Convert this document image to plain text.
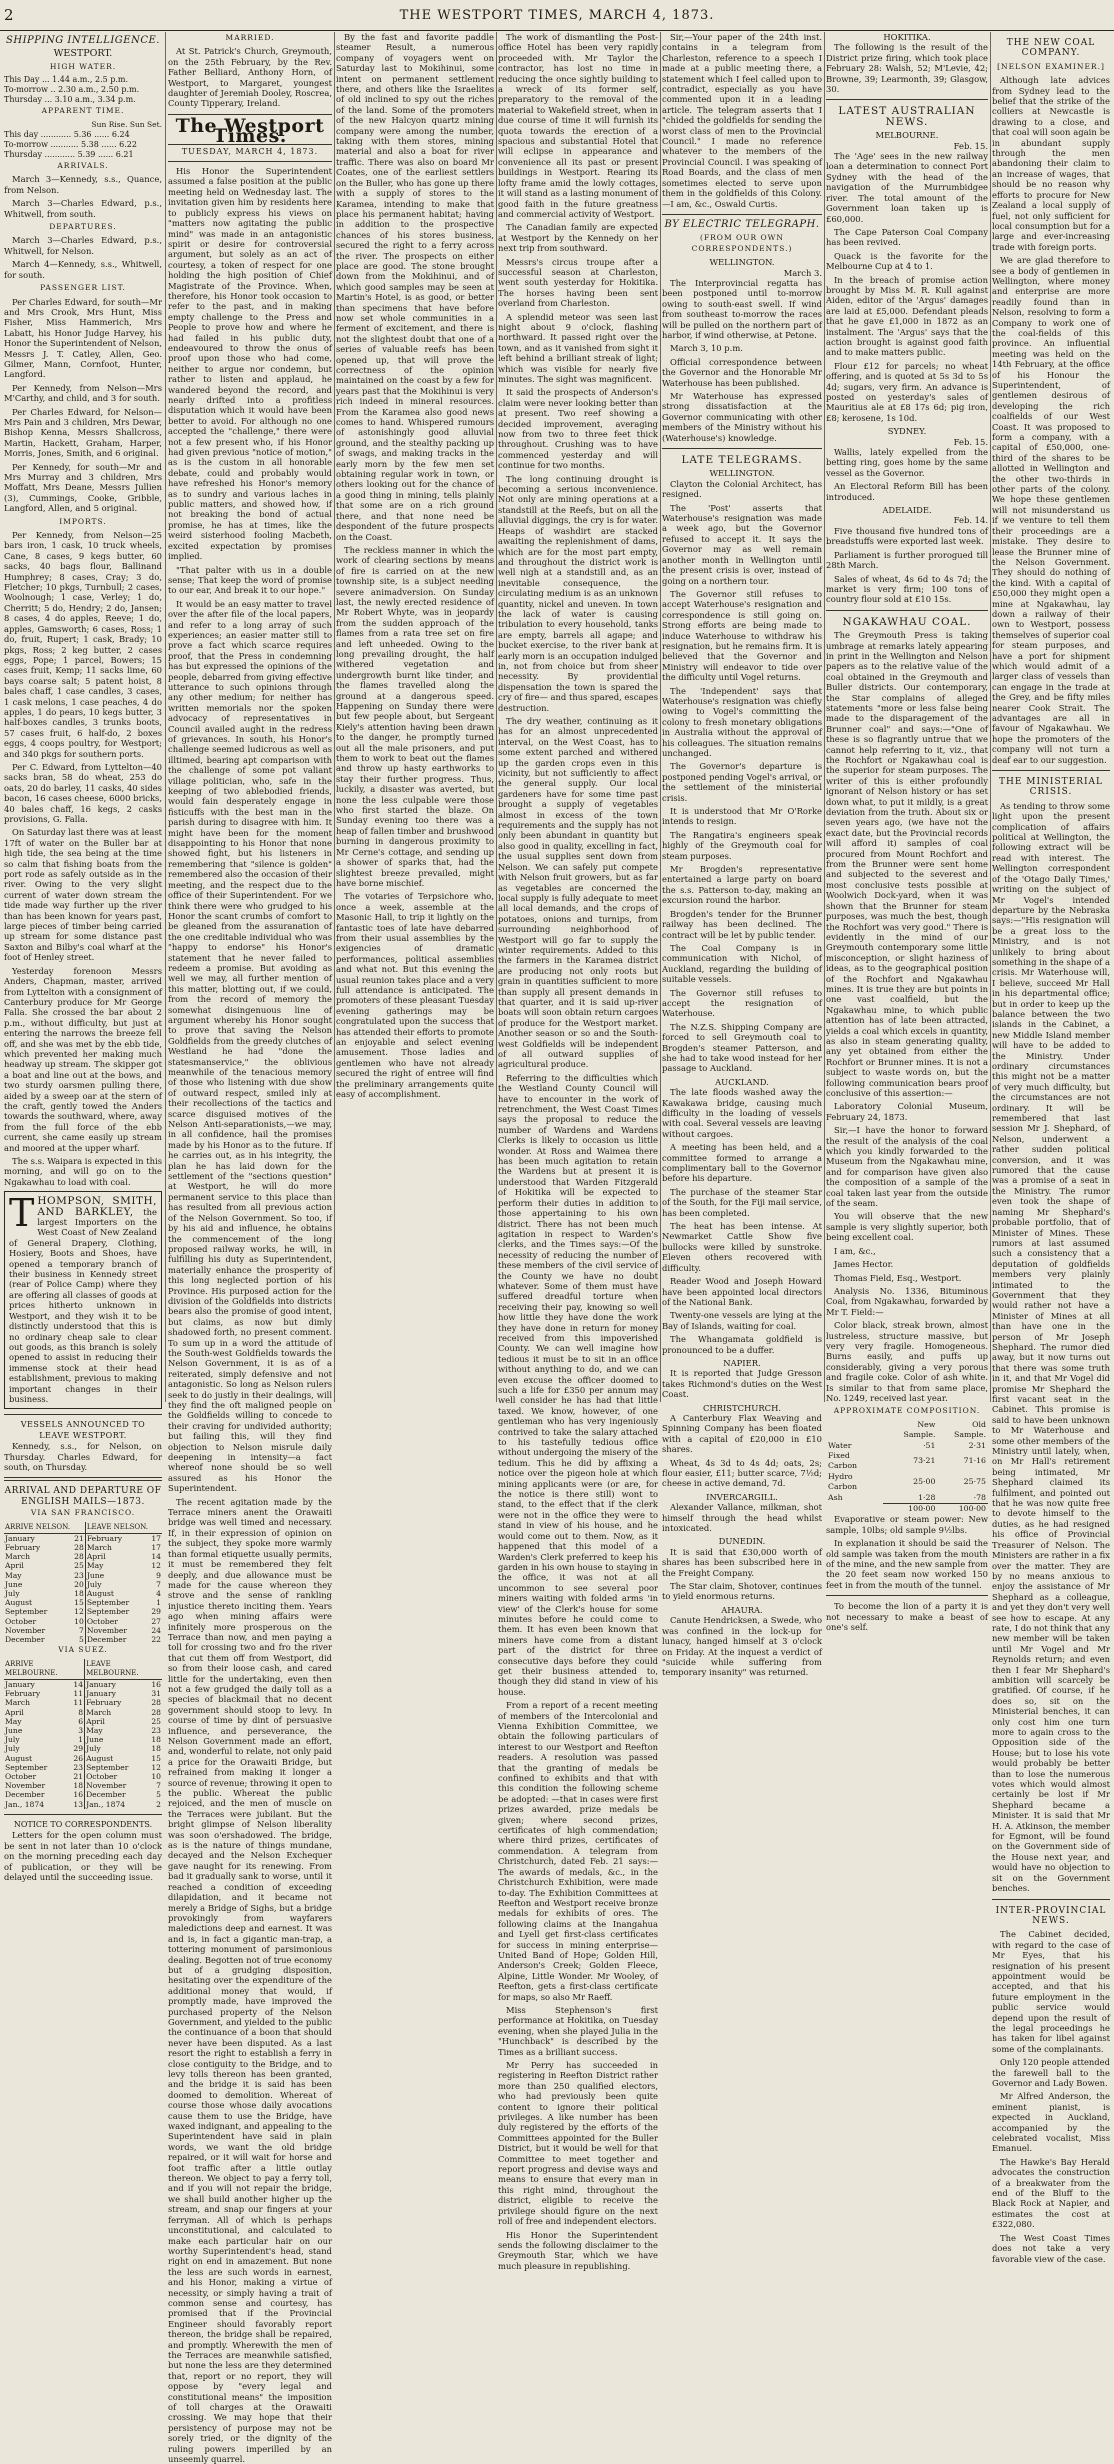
2	THE WESTPORT TIMES, MARCH 4, 1873.
SHIPPING INTELLIGENCE.
WESTPORT.
HIGH WATER.
This Day ... 1.44 a.m., 2.5 p.m.
To-morrow .. 2.30 a.m., 2.50 p.m.
Thursday ... 3.10 a.m., 3.34 p.m.
APPARENT TIME.
Sun Rise. Sun Set.
This day ............ 5.36 ...... 6.24
To-morrow ........... 5.38 ...... 6.22
Thursday ............ 5.39 ...... 6.21
ARRIVALS.

March 3—Kennedy, s.s., Quance, from Nelson.

March 3—Charles Edward, p.s., Whitwell, from south.

DEPARTURES.

March 3—Charles Edward, p.s., Whitwell, for Nelson.

March 4—Kennedy, s.s., Whitwell, for south.

PASSENGER LIST.

Per Charles Edward, for south—Mr and Mrs Crook, Mrs Hunt, Miss Fisher, Miss Hammerich, Mrs Labatt, his Honor Judge Harvey, his Honor the Superintendent of Nelson, Messrs J. T. Catley, Allen, Geo. Gilmer, Mann, Cornfoot, Hunter, Langford.

Per Kennedy, from Nelson—Mrs M'Carthy, and child, and 3 for south.

Per Charles Edward, for Nelson—Mrs Pain and 3 children, Mrs Dewar, Bishop Kenna, Messrs Shallcross, Martin, Hackett, Graham, Harper, Morris, Jones, Smith, and 6 original.

Per Kennedy, for south—Mr and Mrs Murray and 3 children, Mrs Moffatt, Mrs Deane, Messrs Jullien (3), Cummings, Cooke, Gribble, Langford, Allen, and 5 original.

IMPORTS.

Per Kennedy, from Nelson—25 bars iron, 1 cask, 10 truck wheels, Cane, 8 cases, 9 kegs butter, 60 sacks, 40 bags flour, Ballinand Humphrey; 8 cases, Cray; 3 do, Fletcher; 10 pkgs, Turnbull; 2 cases, Woolnough; 1 case, Verley; 1 do, Cherritt; 5 do, Hendry; 2 do, Jansen; 8 cases, 4 do apples, Reeve; 1 do, apples, Gamsworth; 6 cases, Ross; 1 do, fruit, Rupert; 1 cask, Brady; 10 pkgs, Ross; 2 keg butter, 2 cases eggs, Pope; 1 parcel, Bowers; 15 cases fruit, Kemp; 11 sacks lime, 60 bays coarse salt; 5 patent hoist, 8 bales chaff, 1 case candles, 3 cases, 1 cask melons, 1 case peaches, 4 do apples, 1 do pears, 10 kegs butter, 3 half-boxes candles, 3 trunks boots, 57 cases fruit, 6 half-do, 2 boxes eggs, 4 coops poultry, for Westport; and 340 pkgs for southern ports.

Per C. Edward, from Lyttelton—40 sacks bran, 58 do wheat, 253 do oats, 20 do barley, 11 casks, 40 sides bacon, 16 cases cheese, 6000 bricks, 40 bales chaff, 16 kegs, 2 casks provisions, G. Falla.

On Saturday last there was at least 17ft of water on the Buller bar at high tide, the sea being at the time so calm that fishing boats from the port rode as safely outside as in the river. Owing to the very slight current of water down stream the tide made way further up the river than has been known for years past, large pieces of timber being carried up stream for some distance past Saxton and Bilby's coal wharf at the foot of Henley street.

Yesterday forenoon Messrs Anders, Chapman, master, arrived from Lyttelton with a consignment of Canterbury produce for Mr George Falla. She crossed the bar about 2 p.m., without difficulty, but just at entering the narrows the breeze fell off, and she was met by the ebb tide, which prevented her making much headway up stream. The skipper got a boat and line out at the bows, and two sturdy oarsmen pulling there, aided by a sweep oar at the stern of the craft, gently towed the Anders towards the southward, where, away from the full force of the ebb current, she came easily up stream and moored at the upper wharf.

The s.s. Waipara is expected in this morning, and will go on to the Ngakawhau to load with coal.

T HOMPSON, SMITH, AND BARKLEY, the largest Importers on the West Coast of New Zealand of General Drapery, Clothing, Hosiery, Boots and Shoes, have opened a temporary branch of their business in Kennedy street (rear of Police Camp) where they are offering all classes of goods at prices hitherto unknown in Westport, and they wish it to be distinctly understood that this is no ordinary cheap sale to clear out goods, as this branch is solely opened to assist in reducing their immense stock at their head establishment, previous to making important changes in their business.
VESSELS ANNOUNCED TO LEAVE WESTPORT.

Kennedy, s.s., for Nelson, on Thursday. Charles Edward, for south, on Thursday.

ARRIVAL AND DEPARTURE OF ENGLISH MAILS—1873.
VIA SAN FRANCISCO.
ARRIVE NELSON.		LEAVE NELSON.	
January	21	February	17
February	28	March	17
March	28	April	14
April	25	May	12
May	23	June	9
June	20	July	7
July	18	August	4
August	15	September	1
September	12	September	29
October	10	October	27
November	7	November	24
December	5	December	22
VIA SUEZ.
ARRIVE MELBOURNE.		LEAVE MELBOURNE.	
January	14	January	16
February	11	January	31
March	11	February	28
April	8	March	28
May	6	April	25
June	3	May	23
July	1	June	18
July	29	July	18
August	26	August	15
September	23	September	12
October	21	October	10
November	18	November	7
December	16	December	5
Jan., 1874	13	Jan., 1874	2
NOTICE TO CORRESPONDENTS.

Letters for the open column must be sent in not later than 10 o'clock on the morning preceding each day of publication, or they will be delayed until the succeeding issue.

MARRIED.

At St. Patrick's Church, Greymouth, on the 25th February, by the Rev. Father Belliard, Anthony Horn, of Westport, to Margaret, youngest daughter of Jeremiah Dooley, Roscrea, County Tipperary, Ireland.

The Westport Times.
TUESDAY, MARCH 4, 1873.

His Honor the Superintendent assumed a false position at the public meeting held on Wednesday last. The invitation given him by residents here to publicly express his views on "matters now agitating the public mind" was made in an antagonistic spirit or desire for controversial argument, but solely as an act of courtesy, a token of respect for one holding the high position of Chief Magistrate of the Province. When, therefore, his Honor took occasion to refer to the past, and in making empty challenge to the Press and People to prove how and where he had failed in his public duty, endeavoured to throw the onus of proof upon those who had come, neither to argue nor condemn, but rather to listen and applaud, he wandered beyond the record, and nearly drifted into a profitless disputation which it would have been better to avoid. For although no one accepted the "challenge," there were not a few present who, if his Honor had given previous "notice of motion," as is the custom in all honorable debate, could and probably would have refreshed his Honor's memory as to sundry and various laches in public matters, and showed how, if not breaking the bond of actual promise, he has at times, like the weird sisterhood fooling Macbeth, excited expectation by promises implied.

"That palter with us in a double sense; That keep the word of promise to our ear, And break it to our hope."

It would be an easy matter to travel over the after file of the local papers, and refer to a long array of such experiences; an easier matter still to prove a fact which scarce requires proof, that the Press in condemning has but expressed the opinions of the people, debarred from giving effective utterance to such opinions through any other medium; for neither has written memorials nor the spoken advocacy of representatives in Council availed aught in the redress of grievances. In south, his Honor's challenge seemed ludicrous as well as illtimed, bearing apt comparison with the challenge of some pot valiant village politician, who, safe in the keeping of two ablebodied friends, would fain desperately engage in fisticuffs with the best man in the parish during to disagree with him. It might have been for the moment disappointing to his Honor that none showed fight, but his listeners in remembering that "silence is golden" remembered also the occasion of their meeting, and the respect due to the office of their Superintendent. For we think there were who grudged to his Honor the scant crumbs of comfort to be gleaned from the assuranation of the one creditable individual who was "happy to endorse" his Honor's statement that he never failed to redeem a promise. But avoiding as well we may, all further mention of this matter, blotting out, if we could, from the record of memory the somewhat disingenuous line of argument whereby his Honor sought to prove that saving the Nelson Goldfields from the greedy clutches of Westland he had "done the statesmanservice," the oblivious meanwhile of the tenacious memory of those who listening with due show of outward respect, smiled inly at their recollections of the tactics and scarce disguised motives of the Nelson Anti-separationists,—we may, in all confidence, hail the promises made by his Honor as to the future. If he carries out, as in his integrity, the plan he has laid down for the settlement of the "sections question" at Westport, he will do more permanent service to this place than has resulted from all previous action of the Nelson Government. So too, if by his aid and influence, he obtains the commencement of the long proposed railway works, he will, in fulfilling his duty as Superintendent, materially enhance the prosperity of this long neglected portion of his Province. His purposed action for the division of the Goldfields into districts bears also the promise of good intent, but claims, as now but dimly shadowed forth, no present comment. To sum up in a word the attitude of the South-west Goldfields towards the Nelson Government, it is as of a reiterated, simply defensive and not antagonistic. So long as Nelson rulers seek to do justly in their dealings, will they find the oft maligned people on the Goldfields willing to concede to their craving for undivided authority; but failing this, will they find objection to Nelson misrule daily deepening in intensity—a fact whereof none should be so well assured as his Honor the Superintendent.

The recent agitation made by the Terrace miners anent the Orawaiti bridge was well timed and necessary. If, in their expression of opinion on the subject, they spoke more warmly than formal etiquette usually permits, it must be remembered they felt deeply, and due allowance must be made for the cause whereon they strove and the sense of rankling injustice thereto inciting them. Years ago when mining affairs were infinitely more prosperous on the Terrace than now, and men paying a toll for crossing two and fro the river that cut them off from Westport, did so from their loose cash, and cared little for the undertaking, even then not a few grudged the daily toll as a species of blackmail that no decent government should stoop to levy. In course of time by dint of persuasive influence, and perseverance, the Nelson Government made an effort, and, wonderful to relate, not only paid a price for the Orawaiti Bridge, but refrained from making it longer a source of revenue; throwing it open to the public. Whereat the public rejoiced, and the men of muscle on the Terraces were jubilant. But the bright glimpse of Nelson liberality was soon o'ershadowed. The bridge, as is the nature of things mundane, decayed and the Nelson Exchequer gave naught for its renewing. From bad it gradually sank to worse, until it reached a condition of exceeding dilapidation, and it became not merely a Bridge of Sighs, but a bridge provokingly from wayfarers maledictions deep and earnest. It was and is, in fact a gigantic man-trap, a tottering monument of parsimonious dealing. Begotten not of true economy but of a grudging disposition, hesitating over the expenditure of the additional money that would, if promptly made, have improved the purchased property of the Nelson Government, and yielded to the public the continuance of a boon that should never have been disputed. As a last resort the right to establish a ferry in close contiguity to the Bridge, and to levy tolls thereon has been granted, and the bridge it is said has been doomed to demolition. Whereat of course those whose daily avocations cause them to use the Bridge, have waxed indignant, and appealing to the Superintendent have said in plain words, we want the old bridge repaired, or it will wait for horse and foot traffic after a little outlay thereon. We object to pay a ferry toll, and if you will not repair the bridge, we shall build another higher up the stream, and snap our fingers at your ferryman. All of which is perhaps unconstitutional, and calculated to make each particular hair on our worthy Superintendent's head, stand right on end in amazement. But none the less are such words in earnest, and his Honor, making a virtue of necessity, or simply having a trait of common sense and courtesy, has promised that if the Provincial Engineer should favorably report thereon, the bridge shall be repaired, and promptly. Wherewith the men of the Terraces are meanwhile satisfied, but none the less are they determined that, report or no report, they will oppose by "every legal and constitutional means" the imposition of toll charges at the Orawaiti crossing. We may hope that their persistency of purpose may not be sorely tried, or the dignity of the ruling powers imperilled by an unseemly quarrel.

By the fast and favorite paddle steamer Result, a numerous company of voyagers went on Saturday last to Mokihinui, some intent on permanent settlement there, and others like the Israelites of old inclined to spy out the riches of the land. Some of the promoters of the new Halcyon quartz mining company were among the number, taking with them stores, mining material and also a boat for river traffic. There was also on board Mr Coates, one of the earliest settlers on the Buller, who has gone up there with a supply of stores to the Karamea, intending to make that place his permanent habitat; having in addition to the prospective chances of his stores business, secured the right to a ferry across the river. The prospects on either place are good. The stone brought down from the Mokihinui, and of which good samples may be seen at Martin's Hotel, is as good, or better than specimens that have before now set whole communities in a ferment of excitement, and there is not the slightest doubt that one of a series of valuable reefs has been opened up, that will prove the correctness of the opinion maintained on the coast by a few for years past that the Mokihinui is very rich indeed in mineral resources. From the Karamea also good news comes to hand. Whispered rumours of astonishingly good alluvial ground, and the stealthy packing up of swags, and making tracks in the early morn by the few men set obtaining regular work in town, or others looking out for the chance of a good thing in mining, tells plainly that some are on a rich ground there, and that none need be despondent of the future prospects on the Coast.

The reckless manner in which the work of clearing sections by means of fire is carried on at the new township site, is a subject needing severe animadversion. On Sunday last, the newly erected residence of Mr Robert Whyte, was in jeopardy from the sudden approach of the flames from a rata tree set on fire and left unheeded. Owing to the long prevailing drought, the half withered vegetation and undergrowth burnt like tinder, and the flames travelled along the ground at a dangerous speed. Happening on Sunday there were but few people about, but Sergeant Kiely's attention having been drawn to the danger, he promptly turned out all the male prisoners, and put them to work to beat out the flames and throw up hasty earthworks to stay their further progress. Thus, luckily, a disaster was averted, but none the less culpable were those who first started the blaze. On Sunday evening too there was a heap of fallen timber and brushwood burning in dangerous proximity to Mr Cerne's cottage, and sending up a shower of sparks that, had the slightest breeze prevailed, might have borne mischief.

The votaries of Terpsichore who, once a week, assemble at the Masonic Hall, to trip it lightly on the fantastic toes of late have debarred from their usual assemblies by the exigencies of dramatic performances, political assemblies and what not. But this evening the usual reunion takes place and a very full attendance is anticipated. The promoters of these pleasant Tuesday evening gatherings may be congratulated upon the success that has attended their efforts to promote an enjoyable and select evening amusement. Those ladies and gentlemen who have not already secured the right of entree will find the preliminary arrangements quite easy of accomplishment.

The work of dismantling the Post-office Hotel has been very rapidly proceeded with. Mr Taylor the contractor, has lost no time in reducing the once sightly building to a wreck of its former self, preparatory to the removal of the material to Wakefield street, when in due course of time it will furnish its quota towards the erection of a spacious and substantial Hotel that will eclipse in appearance and convenience all its past or present buildings in Westport. Rearing its lofty frame amid the lowly cottages, it will stand as a lasting monument of good faith in the future greatness and commercial activity of Westport.

The Canadian family are expected at Westport by the Kennedy on her next trip from southward.

Messrs's circus troupe after a successful season at Charleston, went south yesterday for Hokitika. The horses having been sent overland from Charleston.

A splendid meteor was seen last night about 9 o'clock, flashing northward. It passed right over the town, and as it vanished from sight it left behind a brilliant streak of light; which was visible for nearly five minutes. The sight was magnificent.

It said the prospects of Anderson's claim were never looking better than at present. Two reef showing a decided improvement, averaging now from two to three feet thick throughout. Crushing was to have commenced yesterday and will continue for two months.

The long continuing drought is becoming a serious inconvenience. Not only are mining operations at a standstill at the Reefs, but on all the alluvial diggings, the cry is for water. Heaps of washdirt are stacked awaiting the replenishment of dams, which are for the most part empty, and throughout the district work is well nigh at a standstill and, as an inevitable consequence, the circulating medium is as an unknown quantity, nickel and uneven. In town the lack of water is causing tribulation to every household, tanks are empty, barrels all agape; and bucket exercise, to the river bank at early morn is an occupation indulged in, not from choice but from sheer necessity. By providential dispensation the town is spared the cry of fire— and thus spared, escapes destruction.

The dry weather, continuing as it has for an almost unprecedented interval, on the West Coast, has to some extent parched and withered up the garden crops even in this vicinity, but not sufficiently to affect the general supply. Our local gardeners have for some time past brought a supply of vegetables almost in excess of the town requirements and the supply has not only been abundant in quantity but also good in quality, excelling in fact, the usual supplies sent down from Nelson. We can safely put compete with Nelson fruit growers, but as far as vegetables are concerned the local supply is fully adequate to meet all local demands, and the crops of potatoes, onions and turnips, from surrounding neighborhood of Westport will go far to supply the winter requirements. Added to this the farmers in the Karamea district are producing not only roots but grain in quantities sufficient to more than supply all present demands in that quarter, and it is said up-river boats will soon obtain return cargoes of produce for the Westport market. Another season or so and the South-west Goldfields will be independent of all outward supplies of agricultural produce.

Referring to the difficulties which the Westland County Council will have to encounter in the work of retrenchment, the West Coast Times says the proposal to reduce the number of Wardens and Wardens Clerks is likely to occasion us little wonder. At Ross and Waimea there has been much agitation to retain the Wardens but at present it is understood that Warden Fitzgerald of Hokitika will be expected to perform their duties in addition to those appertaining to his own district. There has not been much agitation in respect to Warden's clerks, and the Times says:—Of the necessity of reducing the number of these members of the civil service of the County we have no doubt whatever. Some of them must have suffered dreadful torture when receiving their pay, knowing so well how little they have done the work they have done in return for money received from this impoverished County. We can well imagine how tedious it must be to sit in an office without anything to do, and we can even excuse the officer doomed to such a life for £350 per annum may well consider he has had that little taxed. We know, however, of one gentleman who has very ingeniously contrived to take the salary attached to his tastefully tedious office without undergoing the misery of the tedium. This he did by affixing a notice over the pigeon hole at which mining applicants were (or are, for the notice is there still) wont to stand, to the effect that if the clerk were not in the office they were to stand in view of his house, and he would come out to them. Now, as it happened that this model of a Warden's Clerk preferred to keep his garden in his own house to staying in the office, it was not at all uncommon to see several poor miners waiting with folded arms 'in view' of the Clerk's house for some minutes before he could come to them. It has even been known that miners have come from a distant part of the district for three consecutive days before they could get their business attended to, though they did stand in view of his house.

From a report of a recent meeting of members of the Intercolonial and Vienna Exhibition Committee, we obtain the following particulars of interest to our Westport and Reefton readers. A resolution was passed that the granting of medals be confined to exhibits and that with this condition the following scheme be adopted: —that in cases were first prizes awarded, prize medals be given; where second prizes, certificates of high commendation; where third prizes, certificates of commendation. A telegram from Christchurch, dated Feb. 21 says:—The awards of medals, &c., in the Christchurch Exhibition, were made to-day. The Exhibition Committees at Reefton and Westport receive bronze medals for exhibits of ores. The following claims at the Inangahua and Lyell get first-class certificates for success in mining enterprise—United Band of Hope; Golden Hill, Anderson's Creek; Golden Fleece, Alpine, Little Wonder. Mr Wooley, of Reefton, gets a first-class certificate for maps, so also Mr Raeff.

Miss Stephenson's first performance at Hokitika, on Tuesday evening, when she played Julia in the "Hunchback" is described by the Times as a brilliant success.

Mr Perry has succeeded in registering in Reefton District rather more than 250 qualified electors, who had previously been quite content to ignore their political privileges. A like number has been duly registered by the efforts of the Committees appointed for the Buller District, but it would be well for that Committee to meet together and report progress and devise ways and means to ensure that every man in this right mind, throughout the district, eligible to receive the privilege should figure on the next roll of free and independent electors.

His Honor the Superintendent sends the following disclaimer to the Greymouth Star, which we have much pleasure in republishing.

Sir,—Your paper of the 24th inst. contains in a telegram from Charleston, reference to a speech I made at a public meeting there, a statement which I feel called upon to contradict, especially as you have commented upon it in a leading article. The telegram asserts that I "chided the goldfields for sending the worst class of men to the Provincial Council." I made no reference whatever to the members of the Provincial Council. I was speaking of Road Boards, and the class of men sometimes elected to serve upon them in the goldfields of this Colony.—I am, &c., Oswald Curtis.

BY ELECTRIC TELEGRAPH.
(FROM OUR OWN CORRESPONDENTS.)
WELLINGTON.
March 3.

The Interprovincial regatta has been postponed until to-morrow owing to south-east swell. If wind from southeast to-morrow the races will be pulled on the northern part of harbor, if wind otherwise, at Petone.

March 3, 10 p.m.

Official correspondence between the Governor and the Honorable Mr Waterhouse has been published.

Mr Waterhouse has expressed strong dissatisfaction at the Governor communicating with other members of the Ministry without his (Waterhouse's) knowledge.

LATE TELEGRAMS.
WELLINGTON.

Clayton the Colonial Architect, has resigned.

The 'Post' asserts that Waterhouse's resignation was made a week ago, but the Governor refused to accept it. It says the Governor may as well remain another month in Wellington until the present crisis is over, instead of going on a northern tour.

The Governor still refuses to accept Waterhouse's resignation and correspondence is still going on. Strong efforts are being made to induce Waterhouse to withdraw his resignation, but he remains firm. It is believed that the Governor and Ministry will endeavor to tide over the difficulty until Vogel returns.

The 'Independent' says that Waterhouse's resignation was chiefly owing to Vogel's committing the colony to fresh monetary obligations in Australia without the approval of his colleagues. The situation remains unchanged.

The Governor's departure is postponed pending Vogel's arrival, or the settlement of the ministerial crisis.

It is understood that Mr O'Rorke intends to resign.

The Rangatira's engineers speak highly of the Greymouth coal for steam purposes.

Mr Brogden's representative entertained a large party on board the s.s. Patterson to-day, making an excursion round the harbor.

Brogden's tender for the Brunner railway has been declined. The contract will be let by public tender.

The Coal Company is in communication with Nichol, of Auckland, regarding the building of suitable vessels.

The Governor still refuses to accept the resignation of Waterhouse.

The N.Z.S. Shipping Company are forced to sell Greymouth coal to Brogden's steamer Patterson, and she had to take wood instead for her passage to Auckland.

AUCKLAND.

The late floods washed away the Kawakawa bridge, causing much difficulty in the loading of vessels with coal. Several vessels are leaving without cargoes.

A meeting has been held, and a committee formed to arrange a complimentary ball to the Governor before his departure.

The purchase of the steamer Star of the South, for the Fiji mail service, has been completed.

The heat has been intense. At Newmarket Cattle Show five bullocks were killed by sunstroke. Eleven others recovered with difficulty.

Reader Wood and Joseph Howard have been appointed local directors of the National Bank.

Twenty-one vessels are lying at the Bay of Islands, waiting for coal.

The Whangamata goldfield is pronounced to be a duffer.

NAPIER.

It is reported that Judge Gresson takes Richmond's duties on the West Coast.

CHRISTCHURCH.

A Canterbury Flax Weaving and Spinning Company has been floated with a capital of £20,000 in £10 shares.

Wheat, 4s 3d to 4s 4d; oats, 2s; flour easier, £11; butter scarce, 7½d; cheese in active demand, 7d.

INVERCARGILL.

Alexander Vallance, milkman, shot himself through the head whilst intoxicated.

DUNEDIN.

It is said that £30,000 worth of shares has been subscribed here in the Freight Company.

The Star claim, Shotover, continues to yield enormous returns.

AHAURA.

Canute Hendricksen, a Swede, who was confined in the lock-up for lunacy, hanged himself at 3 o'clock on Friday. At the inquest a verdict of "suicide while suffering from temporary insanity" was returned.

HOKITIKA.

The following is the result of the District prize firing, which took place February 28: Walsh, 52; M'Levie, 42; Browne, 39; Learmonth, 39; Glasgow, 30.

LATEST AUSTRALIAN NEWS.
MELBOURNE.
Feb. 15.

The 'Age' sees in the new railway loan a determination to connect Port Sydney with the head of the navigation of the Murrumbidgee river. The total amount of the Government loan taken up is £60,000.

The Cape Paterson Coal Company has been revived.

Quack is the favorite for the Melbourne Cup at 4 to 1.

In the breach of promise action brought by Miss M. R. Kull against Aiden, editor of the 'Argus' damages are laid at £5,000. Defendant pleads that he gave £1,000 in 1872 as an instalment. The 'Argus' says that the action brought is against good faith and to make matters public.

Flour £12 for parcels; no wheat offering, and is quoted at 5s 3d to 5s 4d; sugars, very firm. An advance is posted on yesterday's sales of Mauritius ale at £8 17s 6d; pig iron, £8; kerosene, 1s 10d.

SYDNEY.
Feb. 15.

Wallis, lately expelled from the betting ring, goes home by the same vessel as the Governor.

An Electoral Reform Bill has been introduced.

ADELAIDE.
Feb. 14.

Five thousand five hundred tons of breadstuffs were exported last week.

Parliament is further prorogued till 28th March.

Sales of wheat, 4s 6d to 4s 7d; the market is very firm; 100 tons of country flour sold at £10 15s.

NGAKAWHAU COAL.

The Greymouth Press is taking umbrage at remarks lately appearing in print in the Wellington and Nelson papers as to the relative value of the coal obtained in the Greymouth and Buller districts. Our contemporary, the Star complains of alleged statements "more or less false being made to the disparagement of the Brunner coal" and says:—"One of these is so flagrantly untrue that we cannot help referring to it, viz., that the Rochfort or Ngakawhau coal is the superior for steam purposes. The writer of this is either profoundly ignorant of Nelson history or has set down what, to put it mildly, is a great deviation from the truth. About six or seven years ago, (we have not the exact date, but the Provincial records will afford it) samples of coal procured from Mount Rochfort and from the Brunner were sent home and subjected to the severest and most conclusive tests possible at Woolwich Dock-yard, when it was shown that the Brunner for steam purposes, was much the best, though the Rochfort was very good." There is evidently in the mind of our Greymouth contemporary some little misconception, or slight haziness of ideas, as to the geographical position of the Rochfort and Ngakawhau mines. It is true they are but points in one vast coalfield, but the Ngakawhau mine, to which public attention has of late been attracted, yields a coal which excels in quantity, as also in steam generating quality, any yet obtained from either the Rochfort or Brunner mines. It is not a subject to waste words on, but the following communication bears proof conclusive of this assertion:—

Laboratory Colonial Museum, February 24, 1873.

Sir,—I have the honor to forward the result of the analysis of the coal which you kindly forwarded to the Museum from the Ngakawhau mine, and for comparison have given also the composition of a sample of the coal taken last year from the outside of the seam.

You will observe that the new sample is very slightly superior, both being excellent coal.

I am, &c.,

James Hector.

Thomas Field, Esq., Westport.

Analysis No. 1336, Bituminous Coal, from Ngakawhau, forwarded by Mr T. Field:—

Color black, streak brown, almost lustreless, structure massive, but very very fragile. Homogeneous. Burns easily, and puffs up considerably, giving a very porous and fragile coke. Color of ash white. Is similar to that from same place, No. 1249, received last year.

APPROXIMATE COMPOSITION.
	New Sample.	Old Sample.
Water	·51	2·31
Fixed Carbon	73·21	71·16
Hydro Carbon	25·00	25·75
Ash	1·28	·78
	100·00	100·00

Evaporative or steam power: New sample, 10lbs; old sample 9½lbs.

In explanation it should be said the old sample was taken from the mouth of the mine, and the new sample from the 20 feet seam now worked 150 feet in from the mouth of the tunnel.

To become the lion of a party it is not necessary to make a beast of one's self.

THE NEW COAL COMPANY.
[NELSON EXAMINER.]

Although late advices from Sydney lead to the belief that the strike of the colliers at Newcastle is drawing to a close, and that coal will soon again be in abundant supply through the men abandoning their claim to an increase of wages, that should be no reason why efforts to procure for New Zealand a local supply of fuel, not only sufficient for local consumption but for a large and ever-increasing trade with foreign ports.

We are glad therefore to see a body of gentlemen in Wellington, where money and enterprise are more readily found than in Nelson, resolving to form a Company to work one of the coal-fields of this province. An influential meeting was held on the 14th February, at the office of his Honour the Superintendent, of gentlemen desirous of developing the rich coalfields of our West Coast. It was proposed to form a company, with a capital of £50,000, one-third of the shares to be allotted in Wellington and the other two-thirds in other parts of the colony. We hope these gentlemen will not misunderstand us if we venture to tell them their proceedings are a mistake. They desire to lease the Brunner mine of the Nelson Government. They should do nothing of the kind. With a capital of £50,000 they might open a mine at Ngakawhau, lay down a railway of their own to Westport, possess themselves of superior coal for steam purposes, and have a port for shipment which would admit of a larger class of vessels than can engage in the trade at the Grey, and be fifty miles nearer Cook Strait. The advantages are all in favour of Ngakawhau. We hope the promoters of the company will not turn a deaf ear to our suggestion.

THE MINISTERIAL CRISIS.

As tending to throw some light upon the present complication of affairs political at Wellington, the following extract will be read with interest. The Wellington correspondent of the 'Otago Daily Times,' writing on the subject of Mr Vogel's intended departure by the Nebraska says:—"His resignation will be a great loss to the Ministry, and is not unlikely to bring about something in the shape of a crisis. Mr Waterhouse will, I believe, succeed Mr Hall in his departmental office; but in order to keep up the balance between the two islands in the Cabinet, a new Middle Island member will have to be added to the Ministry. Under ordinary circumstances this might not be a matter of very much difficulty, but the circumstances are not ordinary. It will be remembered that last session Mr J. Shephard, of Nelson, underwent a rather sudden political conversion, and it was rumored that the cause was a promise of a seat in the Ministry. The rumor even took the shape of naming Mr Shephard's probable portfolio, that of Minister of Mines. These rumors at last assumed such a consistency that a deputation of goldfields members very plainly intimated to the Government that they would rather not have a Minister of Mines at all than have one in the person of Mr Joseph Shephard. The rumor died away, but it now turns out that there was some truth in it, and that Mr Vogel did promise Mr Shephard the first vacant seat in the Cabinet. This promise is said to have been unknown to Mr Waterhouse and some other members of the Ministry until lately, when, on Mr Hall's retirement being intimated, Mr Shephard claimed its fulfilment, and pointed out that he was now quite free to devote himself to the duties, as he had resigned his office of Provincial Treasurer of Nelson. The Ministers are rather in a fix over the matter. They are by no means anxious to enjoy the assistance of Mr Shephard as a colleague, and yet they don't very well see how to escape. At any rate, I do not think that any new member will be taken until Mr Vogel and Mr Reynolds return; and even then I fear Mr Shephard's ambition will scarcely be gratified. Of course, if he does so, sit on the Ministerial benches, it can only cost him one turn more to again cross to the Opposition side of the House; but to lose his vote would probably be better than to lose the numerous votes which would almost certainly be lost if Mr Shephard became a Minister. It is said that Mr H. A. Atkinson, the member for Egmont, will be found on the Government side of the House next year, and would have no objection to sit on the Government benches.

INTER-PROVINCIAL NEWS.

The Cabinet decided, with regard to the case of Mr Eyes, that his resignation of his present appointment would be accepted, and that his future employment in the public service would depend upon the result of the legal proceedings he has taken for libel against some of the complainants.

Only 120 people attended the farewell ball to the Governor and Lady Bowen.

Mr Alfred Anderson, the eminent pianist, is expected in Auckland, accompanied by the celebrated vocalist, Miss Emanuel.

The Hawke's Bay Herald advocates the construction of a breakwater from the end of the Bluff to the Black Rock at Napier, and estimates the cost at £322,080.

The West Coast Times does not take a very favorable view of the case.
